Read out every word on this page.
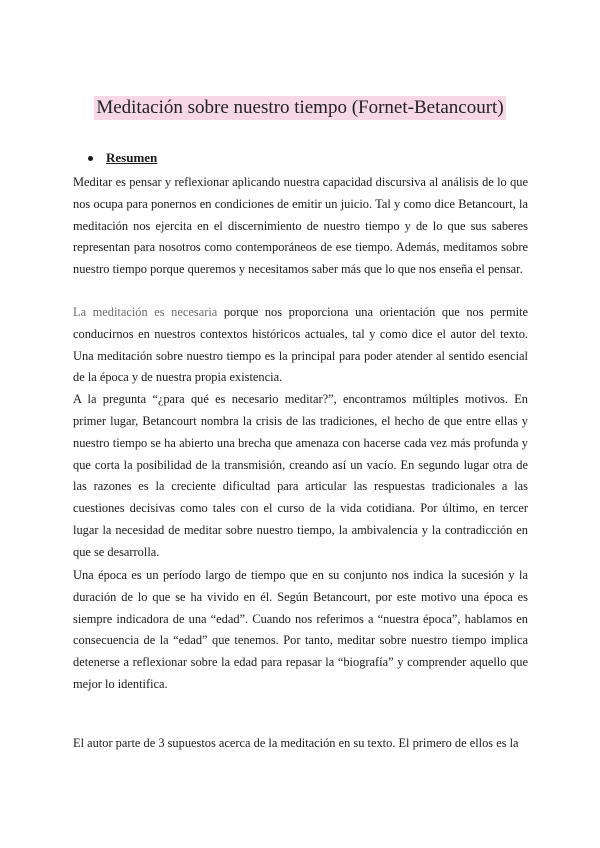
Meditación sobre nuestro tiempo (Fornet-Betancourt)
Resumen

Meditar es pensar y reflexionar aplicando nuestra capacidad discursiva al análisis de lo que nos ocupa para ponernos en condiciones de emitir un juicio. Tal y como dice Betancourt, la meditación nos ejercita en el discernimiento de nuestro tiempo y de lo que sus saberes representan para nosotros como contemporáneos de ese tiempo. Además, meditamos sobre nuestro tiempo porque queremos y necesitamos saber más que lo que nos enseña el pensar.

La meditación es necesaria porque nos proporciona una orientación que nos permite conducirnos en nuestros contextos históricos actuales, tal y como dice el autor del texto. Una meditación sobre nuestro tiempo es la principal para poder atender al sentido esencial de la época y de nuestra propia existencia.

A la pregunta “¿para qué es necesario meditar?”, encontramos múltiples motivos. En primer lugar, Betancourt nombra la crisis de las tradiciones, el hecho de que entre ellas y nuestro tiempo se ha abierto una brecha que amenaza con hacerse cada vez más profunda y que corta la posibilidad de la transmisión, creando así un vacío. En segundo lugar otra de las razones es la creciente dificultad para articular las respuestas tradicionales a las cuestiones decisivas como tales con el curso de la vida cotidiana. Por último, en tercer lugar la necesidad de meditar sobre nuestro tiempo, la ambivalencia y la contradicción en que se desarrolla.

Una época es un período largo de tiempo que en su conjunto nos indica la sucesión y la duración de lo que se ha vivido en él. Según Betancourt, por este motivo una época es siempre indicadora de una “edad”. Cuando nos referimos a “nuestra época”, hablamos en consecuencia de la “edad” que tenemos. Por tanto, meditar sobre nuestro tiempo implica detenerse a reflexionar sobre la edad para repasar la “biografía” y comprender aquello que mejor lo identifica.

El autor parte de 3 supuestos acerca de la meditación en su texto. El primero de ellos es la
